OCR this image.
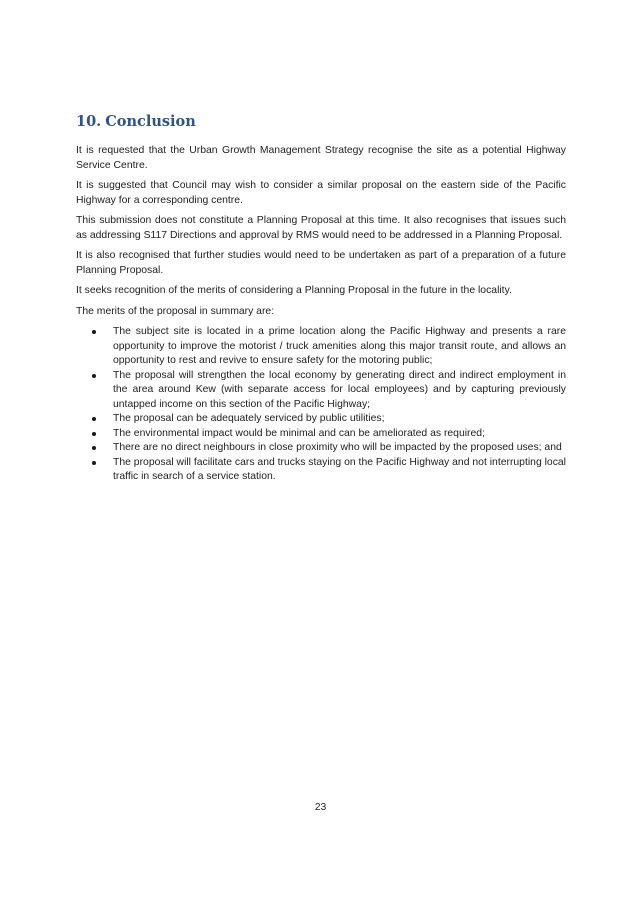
10. Conclusion

It is requested that the Urban Growth Management Strategy recognise the site as a potential Highway Service Centre.

It is suggested that Council may wish to consider a similar proposal on the eastern side of the Pacific Highway for a corresponding centre.

This submission does not constitute a Planning Proposal at this time. It also recognises that issues such as addressing S117 Directions and approval by RMS would need to be addressed in a Planning Proposal.

It is also recognised that further studies would need to be undertaken as part of a preparation of a future Planning Proposal.

It seeks recognition of the merits of considering a Planning Proposal in the future in the locality.

The merits of the proposal in summary are:

The subject site is located in a prime location along the Pacific Highway and presents a rare opportunity to improve the motorist / truck amenities along this major transit route, and allows an opportunity to rest and revive to ensure safety for the motoring public;
The proposal will strengthen the local economy by generating direct and indirect employment in the area around Kew (with separate access for local employees) and by capturing previously untapped income on this section of the Pacific Highway;
The proposal can be adequately serviced by public utilities;
The environmental impact would be minimal and can be ameliorated as required;
There are no direct neighbours in close proximity who will be impacted by the proposed uses; and
The proposal will facilitate cars and trucks staying on the Pacific Highway and not interrupting local traffic in search of a service station.
23
